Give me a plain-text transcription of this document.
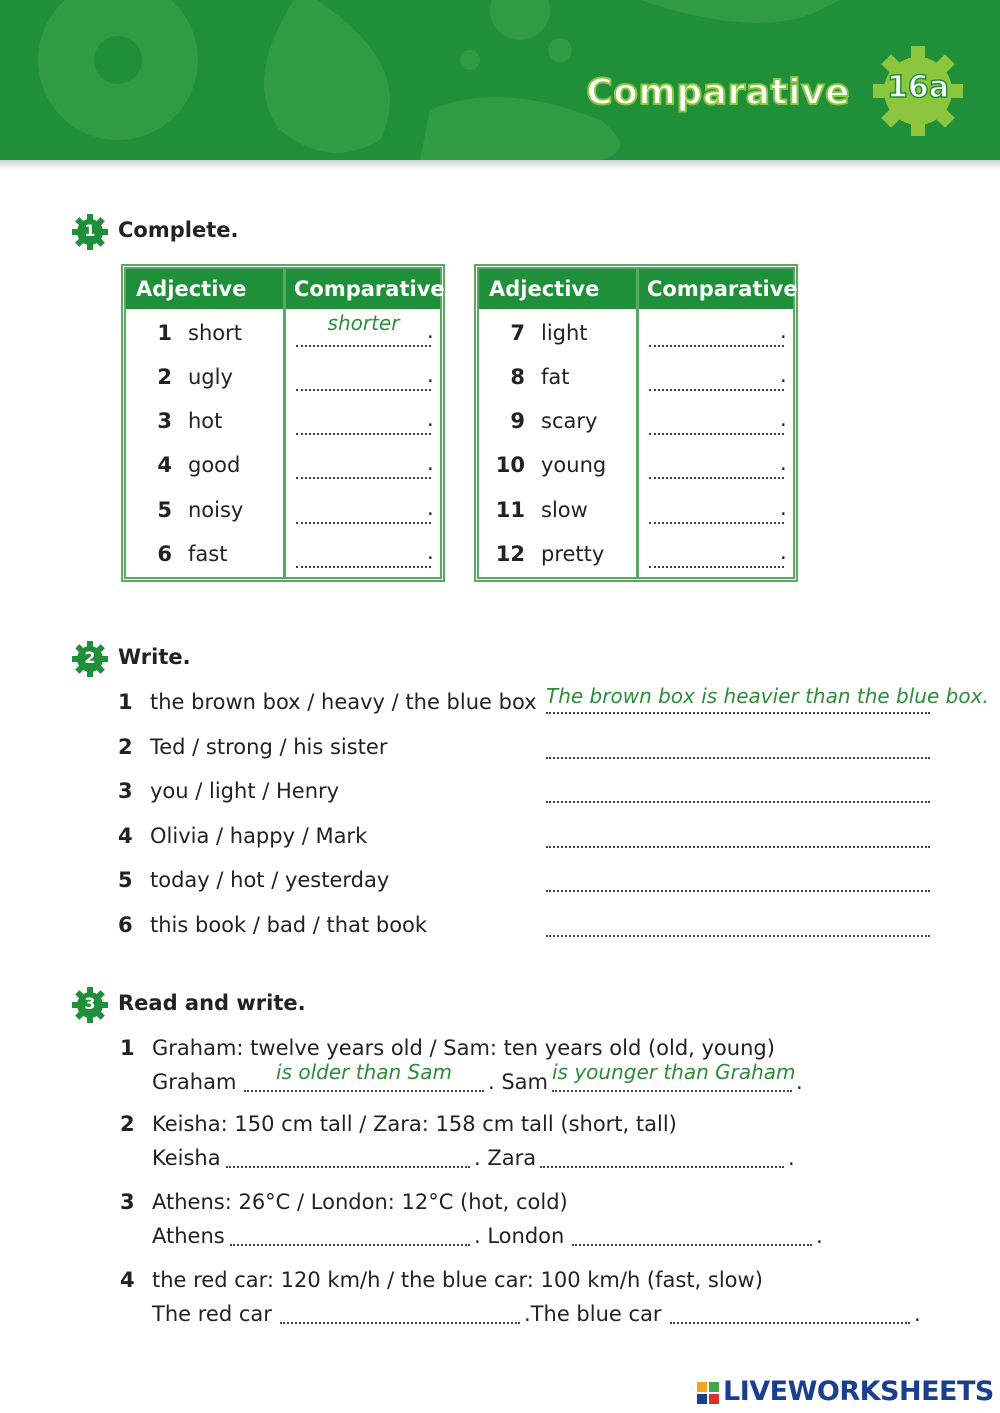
Comparative	16a
1	Complete.
Adjective	Comparative
1 short	shorter	.
2 ugly	.
3 hot	.
4 good	.
5 noisy	.
6 fast	.
Adjective	Comparative
7 light	.
8 fat	.
9 scary	.
10 young	.
11 slow	.
12 pretty	.
2	Write.
1 the brown box / heavy / the blue box The brown box is heavier than the blue box.
2 Ted / strong / his sister
3 you / light / Henry
4 Olivia / happy / Mark
5 today / hot / yesterday
6 this book / bad / that book
3	Read and write.
1 Graham: twelve years old / Sam: ten years old (old, young)
Graham	is older than Sam	. Sam is younger than Graham .
2 Keisha: 150 cm tall / Zara: 158 cm tall (short, tall)
Keisha	. Zara	.
3 Athens: 26°C / London: 12°C (hot, cold)
Athens	. London	.
4 the red car: 120 km/h / the blue car: 100 km/h (fast, slow)
The red car	.The blue car	.
LIVEWORKSHEETS
